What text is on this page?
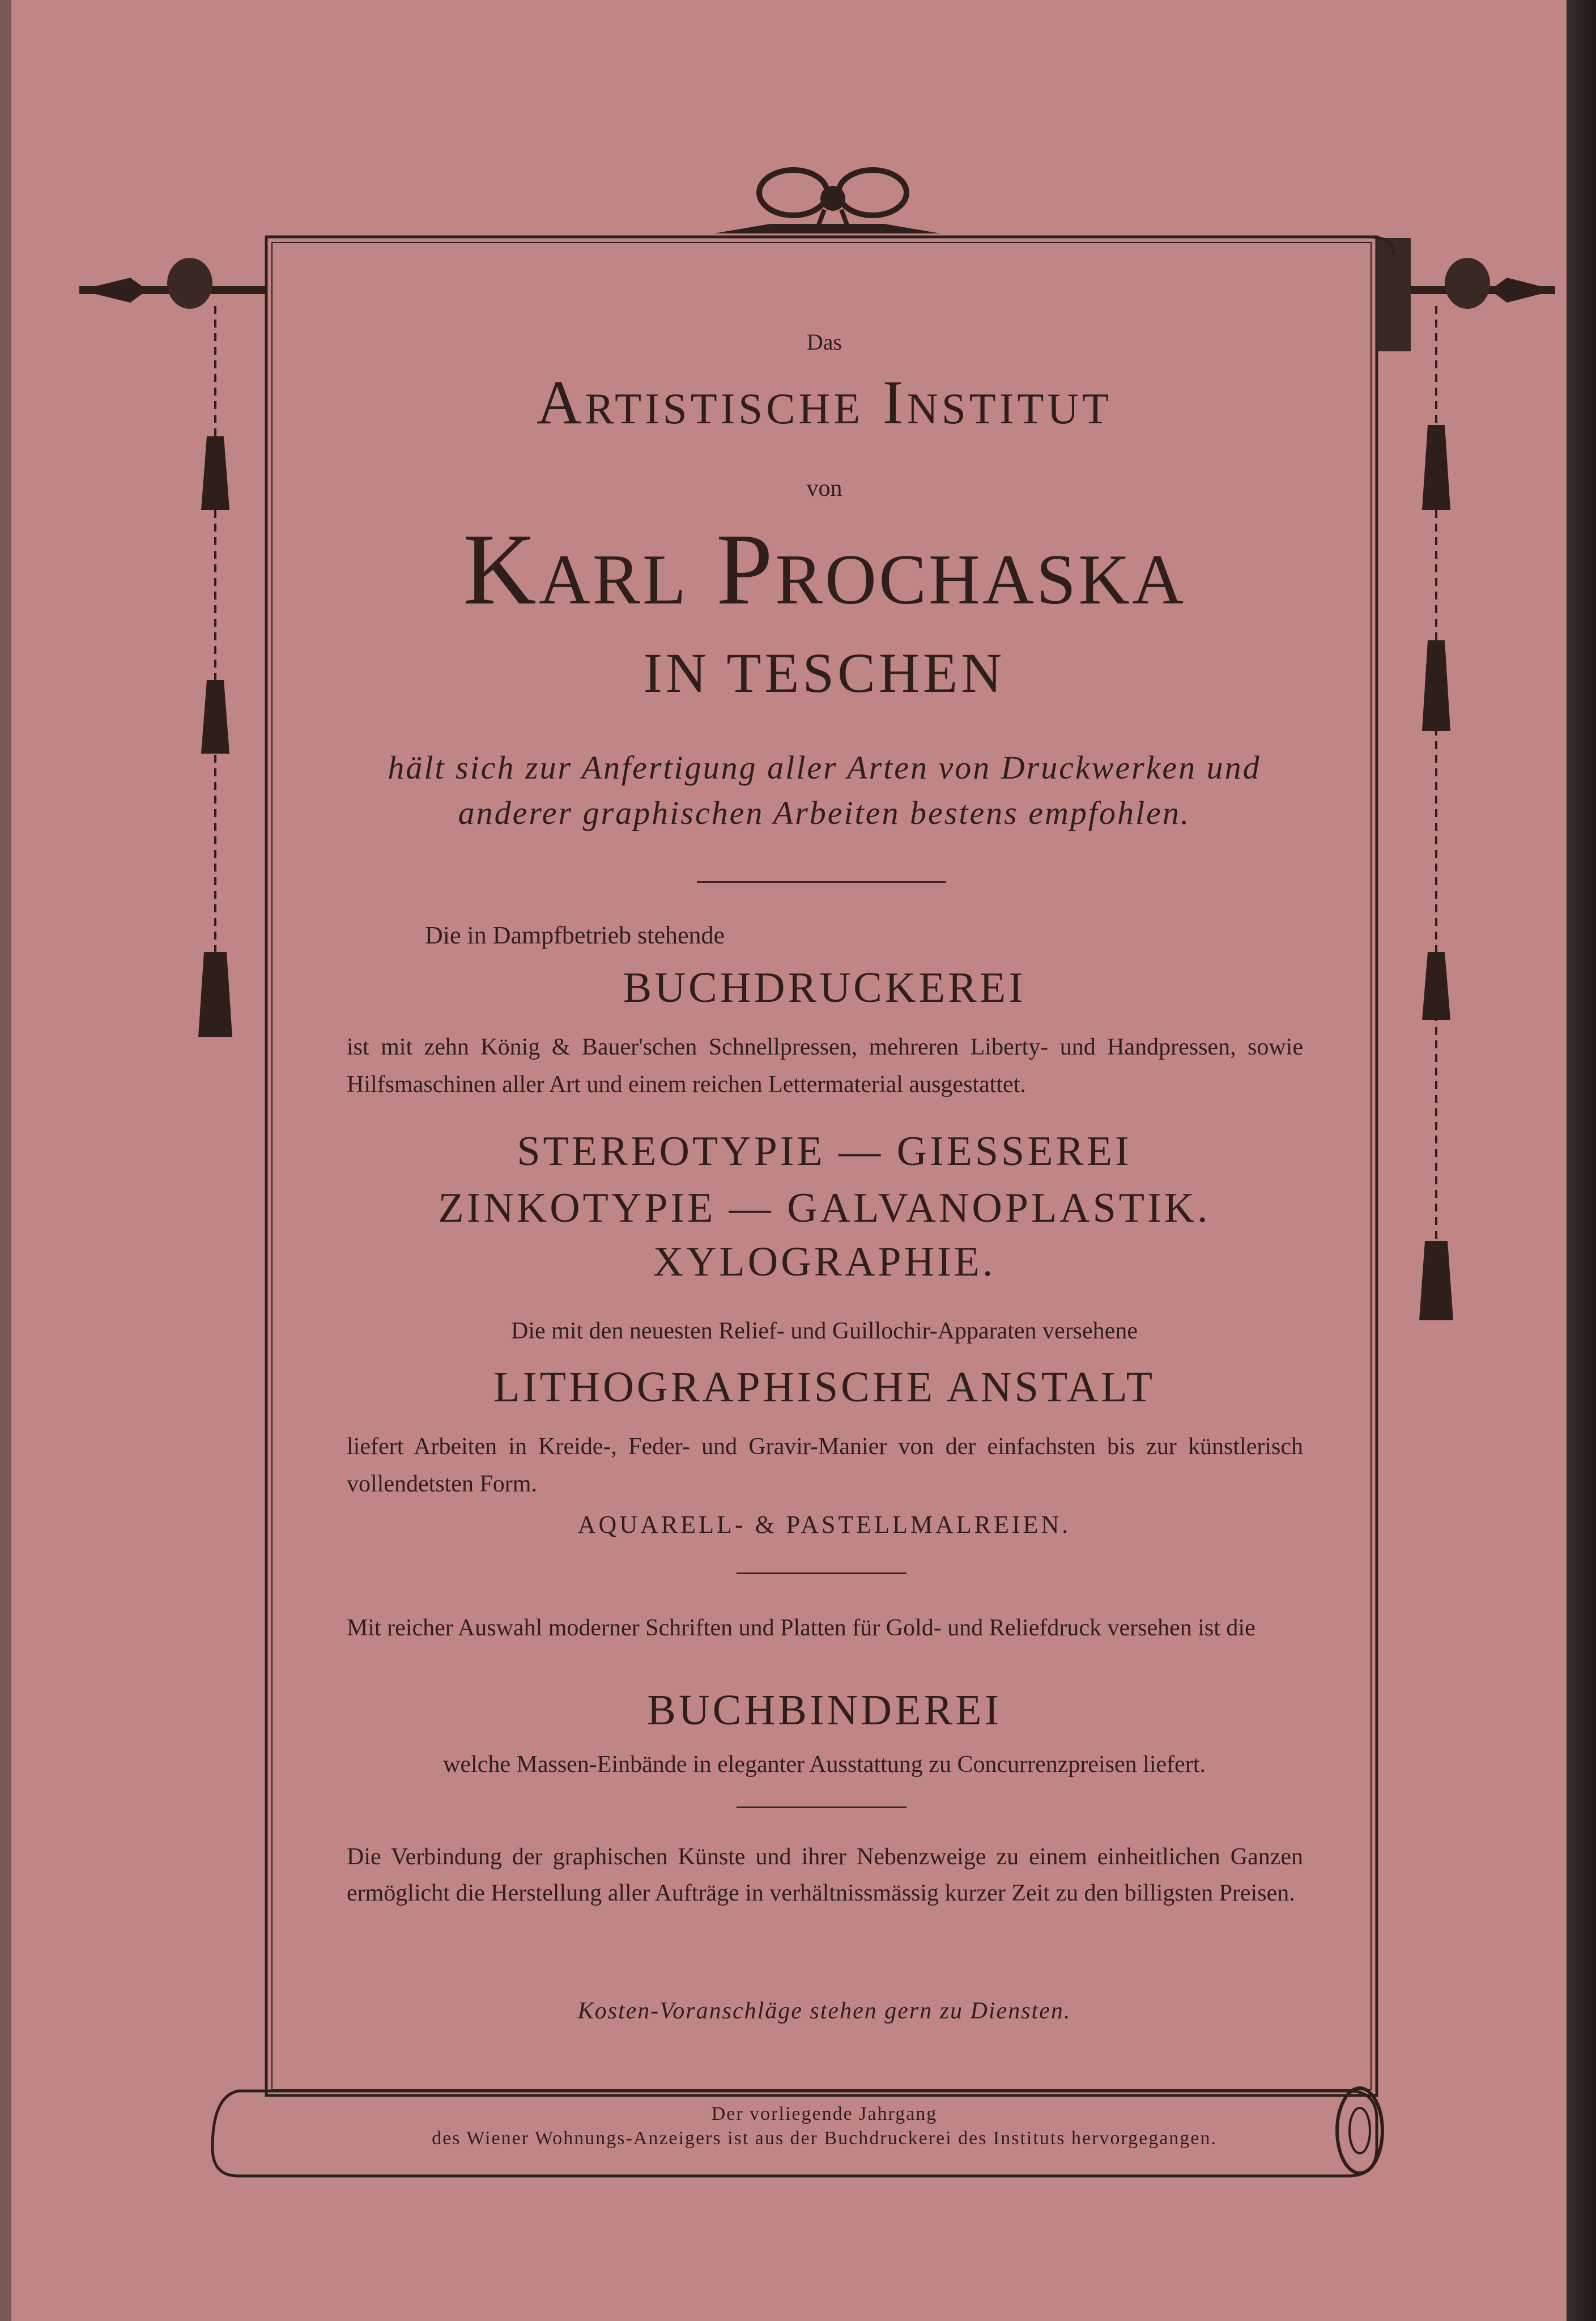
Das
Artistische Institut
von
Karl Prochaska
IN TESCHEN
hält sich zur Anfertigung aller Arten von Druckwerken und anderer graphischen Arbeiten bestens empfohlen.
Die in Dampfbetrieb stehende
BUCHDRUCKEREI
ist mit zehn König & Bauer'schen Schnellpressen, mehreren Liberty- und Handpressen, sowie Hilfsmaschinen aller Art und einem reichen Lettermaterial ausgestattet.
STEREOTYPIE — GIESSEREI
ZINKOTYPIE — GALVANOPLASTIK.
XYLOGRAPHIE.
Die mit den neuesten Relief- und Guillochir-Apparaten versehene
LITHOGRAPHISCHE ANSTALT
liefert Arbeiten in Kreide-, Feder- und Gravir-Manier von der einfachsten bis zur künstlerisch vollendetsten Form.
AQUARELL- & PASTELLMALREIEN.
Mit reicher Auswahl moderner Schriften und Platten für Gold- und Reliefdruck versehen ist die
BUCHBINDEREI
welche Massen-Einbände in eleganter Ausstattung zu Concurrenzpreisen liefert.
Die Verbindung der graphischen Künste und ihrer Nebenzweige zu einem einheitlichen Ganzen ermöglicht die Herstellung aller Aufträge in verhältnissmässig kurzer Zeit zu den billigsten Preisen.
Kosten-Voranschläge stehen gern zu Diensten.
Der vorliegende Jahrgang
des Wiener Wohnungs-Anzeigers ist aus der Buchdruckerei des Instituts hervorgegangen.
